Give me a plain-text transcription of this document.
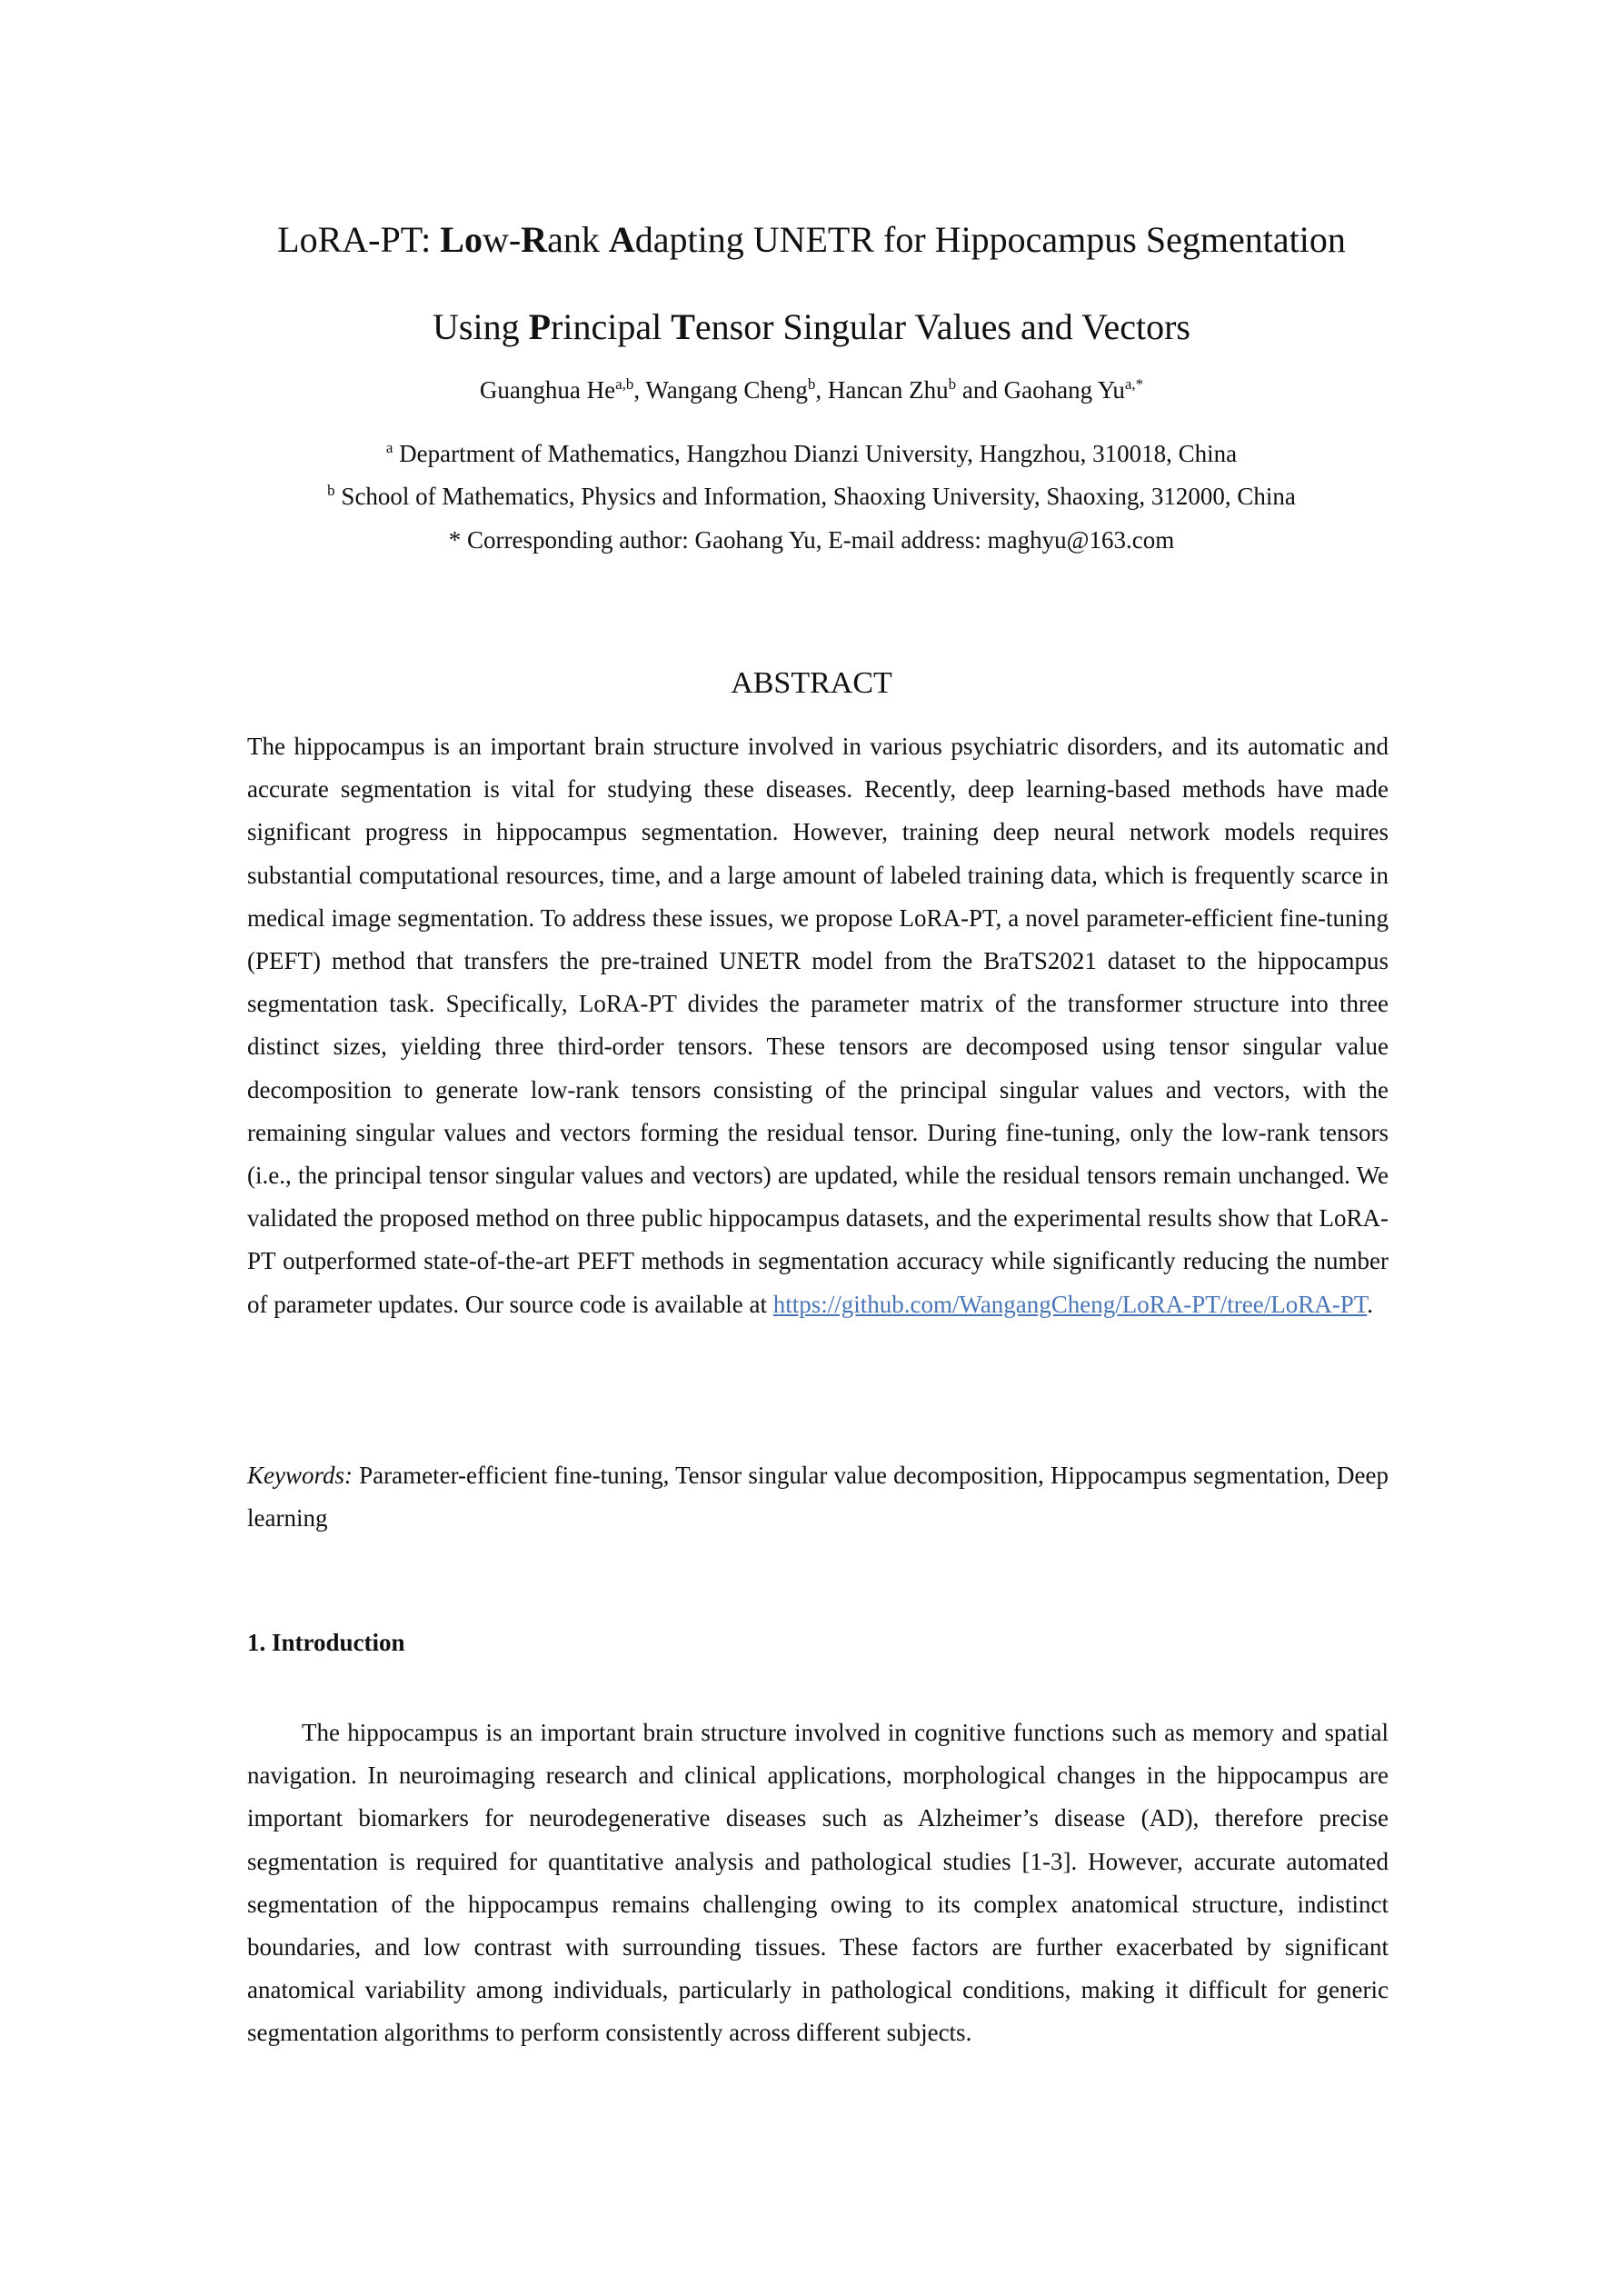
LoRA-PT: Low-Rank Adapting UNETR for Hippocampus Segmentation
Using Principal Tensor Singular Values and Vectors
Guanghua He$^{a,b}$, Wangang Cheng$^b$, Hancan Zhu$^b$ and Gaohang $Yu^{a,*}$
$^a$ Department of Mathematics, Hangzhou Dianzi University, Hangzhou, 310018, China
$^b$ School of Mathematics, Physics and Information, Shaoxing University, Shaoxing, 312000, China
* Corresponding author: Gaohang Yu, E-mail address: maghyu@163.com
ABSTRACT
The hippocampus is an important brain structure involved in various psychiatric disorders, and its automatic and accurate segmentation is vital for studying these diseases. Recently, deep learning-based methods have made significant progress in hippocampus segmentation. However, training deep neural network models requires substantial computational resources, time, and a large amount of labeled training data, which is frequently scarce in medical image segmentation. To address these issues, we propose LoRA-PT, a novel parameter-efficient fine-tuning (PEFT) method that transfers the pre-trained UNETR model from the BraTS2021 dataset to the hippocampus segmentation task. Specifically, LoRA-PT divides the parameter matrix of the transformer structure into three distinct sizes, yielding three third-order tensors. These tensors are decomposed using tensor singular value decomposition to generate low-rank tensors consisting of the principal singular values and vectors, with the remaining singular values and vectors forming the residual tensor. During fine-tuning, only the low-rank tensors (i.e., the principal tensor singular values and vectors) are updated, while the residual tensors remain unchanged. We validated the proposed method on three public hippocampus datasets, and the experimental results show that LoRA-PT outperformed state-of-the-art PEFT methods in segmentation accuracy while significantly reducing the number of parameter updates. Our source code is available at https://github.com/WangangCheng/LoRA-PT/tree/LoRA-PT.
Keywords: Parameter-efficient fine-tuning, Tensor singular value decomposition, Hippocampus segmentation, Deep learning
1. Introduction
The hippocampus is an important brain structure involved in cognitive functions such as memory and spatial navigation. In neuroimaging research and clinical applications, morphological changes in the hippocampus are important biomarkers for neurodegenerative diseases such as Alzheimer’s disease (AD), therefore precise segmentation is required for quantitative analysis and pathological studies [1-3]. However, accurate automated segmentation of the hippocampus remains challenging owing to its complex anatomical structure, indistinct boundaries, and low contrast with surrounding tissues. These factors are further exacerbated by significant anatomical variability among individuals, particularly in pathological conditions, making it difficult for generic segmentation algorithms to perform consistently across different subjects.
